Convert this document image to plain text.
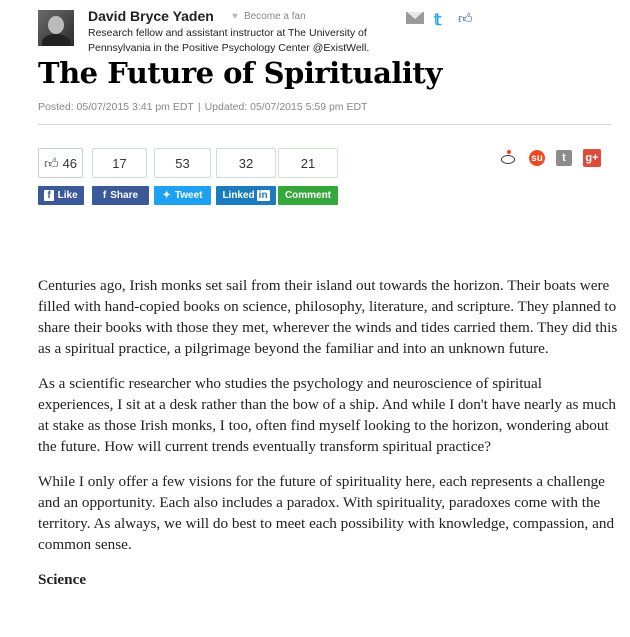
David Bryce Yaden ♥ Become a fan
Research fellow and assistant instructor at The University of Pennsylvania in the Positive Psychology Center @ExistWell.
𝕥 👍︎
The Future of Spirituality
Posted: 05/07/2015 3:41 pm EDT | Updated: 05/07/2015 5:59 pm EDT
👍︎ 46	17	53	32	21
f Like	f Share ✦ Tweet Linked in Comment
su	t	g+

Centuries ago, Irish monks set sail from their island out towards the horizon. Their boats were filled with hand-copied books on science, philosophy, literature, and scripture. They planned to share their books with those they met, wherever the winds and tides carried them. They did this as a spiritual practice, a pilgrimage beyond the familiar and into an unknown future.

As a scientific researcher who studies the psychology and neuroscience of spiritual experiences, I sit at a desk rather than the bow of a ship. And while I don't have nearly as much at stake as those Irish monks, I too, often find myself looking to the horizon, wondering about the future. How will current trends eventually transform spiritual practice?

While I only offer a few visions for the future of spirituality here, each represents a challenge and an opportunity. Each also includes a paradox. With spirituality, paradoxes come with the territory. As always, we will do best to meet each possibility with knowledge, compassion, and common sense.

Science
